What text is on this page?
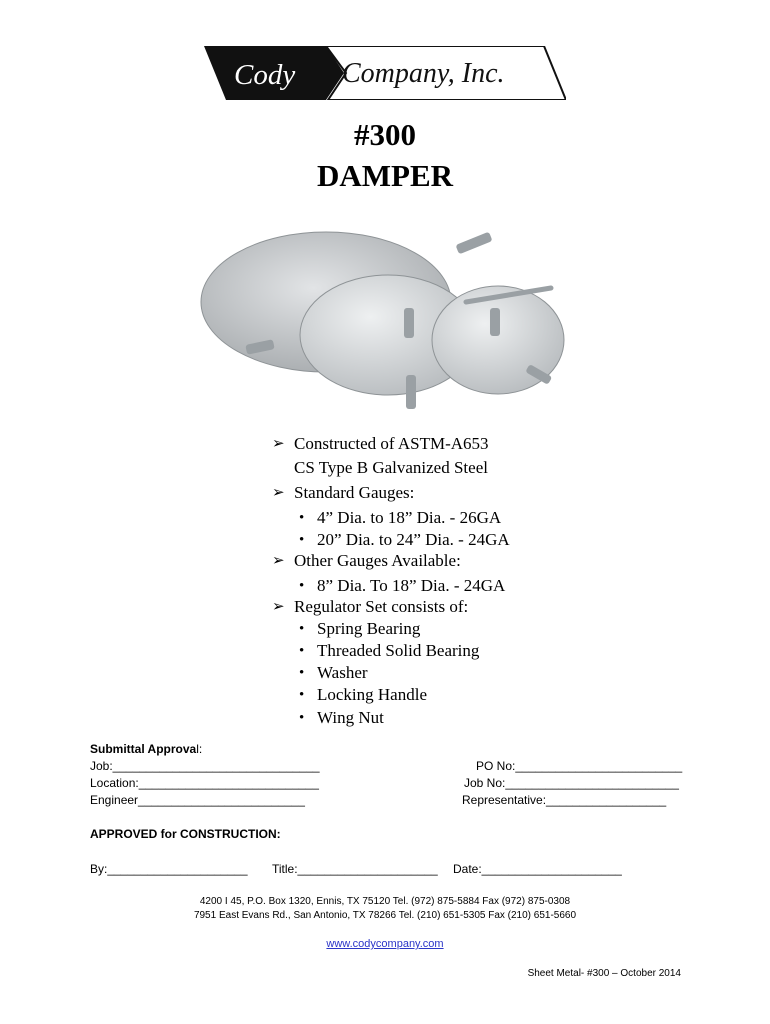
Cody Company, Inc.
#300
DAMPER
➢ Constructed of ASTM-A653
CS Type B Galvanized Steel
➢ Standard Gauges:
• 4” Dia. to 18” Dia. - 26GA
• 20” Dia. to 24” Dia. - 24GA
➢ Other Gauges Available:
• 8” Dia. To 18” Dia. - 24GA
➢ Regulator Set consists of:
• Spring Bearing
• Threaded Solid Bearing
• Washer
• Locking Handle
• Wing Nut
Submittal Approval:
Job:_______________________________
Location:___________________________
Engineer_________________________
PO No:_________________________
Job No:__________________________
Representative:__________________
APPROVED for CONSTRUCTION:
By:_____________________ Title:_____________________ Date:_____________________
4200 I 45, P.O. Box 1320, Ennis, TX 75120 Tel. (972) 875-5884 Fax (972) 875-0308
7951 East Evans Rd., San Antonio, TX 78266 Tel. (210) 651-5305 Fax (210) 651-5660
www.codycompany.com
Sheet Metal- #300 – October 2014
